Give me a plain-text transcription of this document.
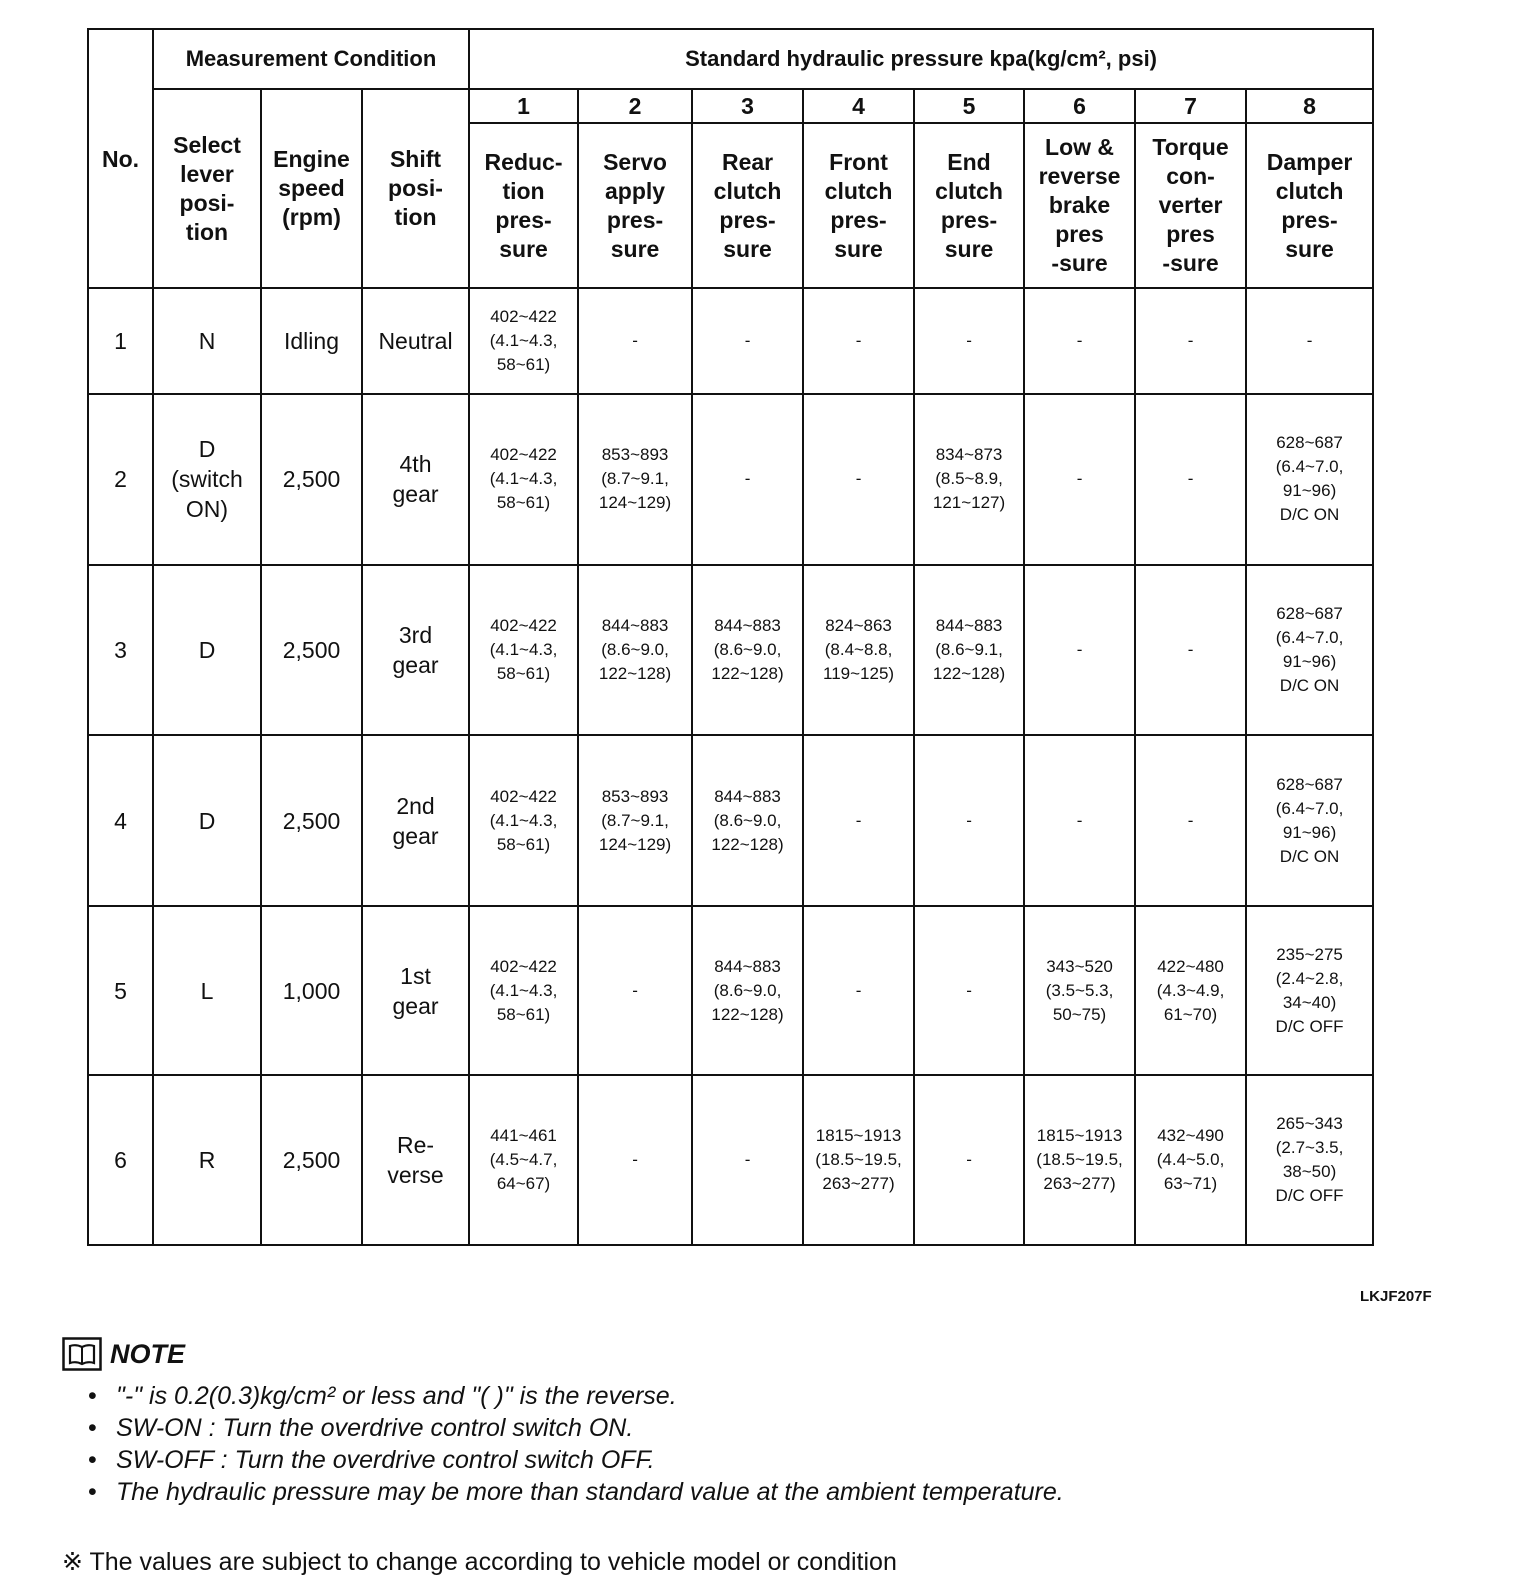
No.	Measurement Condition			Standard hydraulic pressure kpa(kg/cm², psi)							

	Select
lever
posi-
tion	Engine
speed
(rpm)	Shift
posi-
tion	1	2	3	4	5	6	7	8

				Reduc-
tion
pres-
sure	Servo
apply
pres-
sure	Rear
clutch
pres-
sure	Front
clutch
pres-
sure	End
clutch
pres-
sure	Low &
reverse
brake
pres
-sure	Torque
con-
verter
pres
-sure	Damper
clutch
pres-
sure

1	N	Idling	Neutral	402~422
(4.1~4.3,
58~61)	-	-	-	-	-	-	-

2	D
(switch
ON)	2,500	4th
gear	402~422
(4.1~4.3,
58~61)	853~893
(8.7~9.1,
124~129)	-	-	834~873
(8.5~8.9,
121~127)	-	-	628~687
(6.4~7.0,
91~96)
D/C ON

3	D	2,500	3rd
gear	402~422
(4.1~4.3,
58~61)	844~883
(8.6~9.0,
122~128)	844~883
(8.6~9.0,
122~128)	824~863
(8.4~8.8,
119~125)	844~883
(8.6~9.1,
122~128)	-	-	628~687
(6.4~7.0,
91~96)
D/C ON

4	D	2,500	2nd
gear	402~422
(4.1~4.3,
58~61)	853~893
(8.7~9.1,
124~129)	844~883
(8.6~9.0,
122~128)	-	-	-	-	628~687
(6.4~7.0,
91~96)
D/C ON

5	L	1,000	1st
gear	402~422
(4.1~4.3,
58~61)	-	844~883
(8.6~9.0,
122~128)	-	-	343~520
(3.5~5.3,
50~75)	422~480
(4.3~4.9,
61~70)	235~275
(2.4~2.8,
34~40)
D/C OFF

6	R	2,500	Re-
verse	441~461
(4.5~4.7,
64~67)	-	-	1815~1913
(18.5~19.5,
263~277)	-	1815~1913
(18.5~19.5,
263~277)	432~490
(4.4~5.0,
63~71)	265~343
(2.7~3.5,
38~50)
D/C OFF
LKJF207F
NOTE
• "-" is 0.2(0.3)kg/cm² or less and "( )" is the reverse.
• SW-ON : Turn the overdrive control switch ON.
• SW-OFF : Turn the overdrive control switch OFF.
• The hydraulic pressure may be more than standard value at the ambient temperature.
※ The values are subject to change according to vehicle model or condition
